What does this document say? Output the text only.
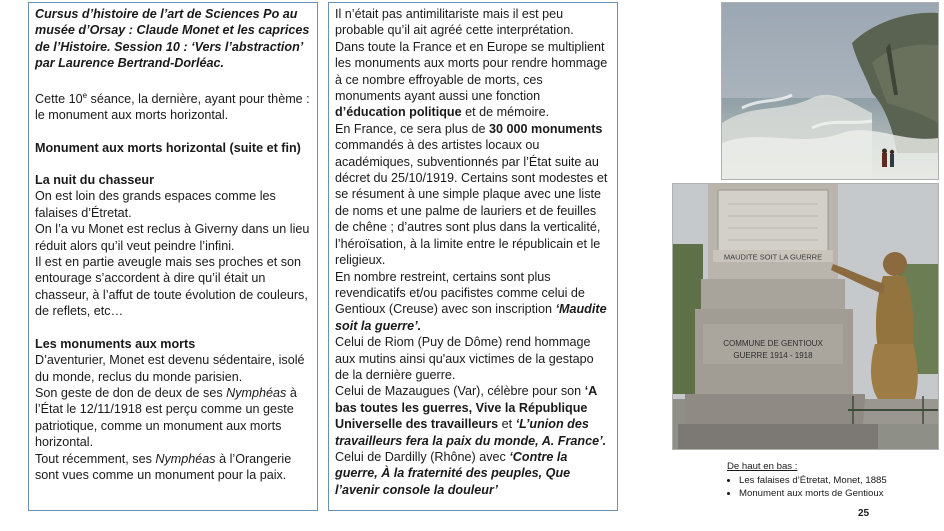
Cursus d’histoire de l’art de Sciences Po au musée d’Orsay : Claude Monet et les caprices de l’Histoire. Session 10 : ‘Vers l’abstraction’ par Laurence Bertrand-Dorléac.

Cette 10e séance, la dernière, ayant pour thème : le monument aux morts horizontal.

Monument aux morts horizontal (suite et fin)

La nuit du chasseur

On est loin des grands espaces comme les falaises d’Étretat.

On l’a vu Monet est reclus à Giverny dans un lieu réduit alors qu’il veut peindre l’infini.

Il est en partie aveugle mais ses proches et son entourage s’accordent à dire qu’il était un chasseur, à l’affut de toute évolution de couleurs, de reflets, etc…

Les monuments aux morts

D’aventurier, Monet est devenu sédentaire, isolé du monde, reclus du monde parisien.

Son geste de don de deux de ses Nymphéas à l’État le 12/11/1918 est perçu comme un geste patriotique, comme un monument aux morts horizontal.

Tout récemment, ses Nymphéas à l’Orangerie sont vues comme un monument pour la paix.

Il n’était pas antimilitariste mais il est peu probable qu’il ait agréé cette interprétation.

Dans toute la France et en Europe se multiplient les monuments aux morts pour rendre hommage à ce nombre effroyable de morts, ces monuments ayant aussi une fonction d’éducation politique et de mémoire.

En France, ce sera plus de 30 000 monuments commandés à des artistes locaux ou académiques, subventionnés par l’État suite au décret du 25/10/1919. Certains sont modestes et se résument à une simple plaque avec une liste de noms et une palme de lauriers et de feuilles de chêne ; d’autres sont plus dans la verticalité, l’héroïsation, à la limite entre le républicain et le religieux.

En nombre restreint, certains sont plus revendicatifs et/ou pacifistes comme celui de Gentioux (Creuse) avec son inscription ‘Maudite soit la guerre’.

Celui de Riom (Puy de Dôme) rend hommage aux mutins ainsi qu'aux victimes de la gestapo de la dernière guerre.

Celui de Mazaugues (Var), célèbre pour son ‘A bas toutes les guerres, Vive la République Universelle des travailleurs et ‘L’union des travailleurs fera la paix du monde, A. France’.

Celui de Dardilly (Rhône) avec ‘Contre la guerre, À la fraternité des peuples, Que l’avenir console la douleur’

MAUDITE SOIT LA GUERRE
COMMUNE DE GENTIOUX
GUERRE 1914 - 1918
De haut en bas :
• Les falaises d’Étretat, Monet, 1885
• Monument aux morts de Gentioux
25
